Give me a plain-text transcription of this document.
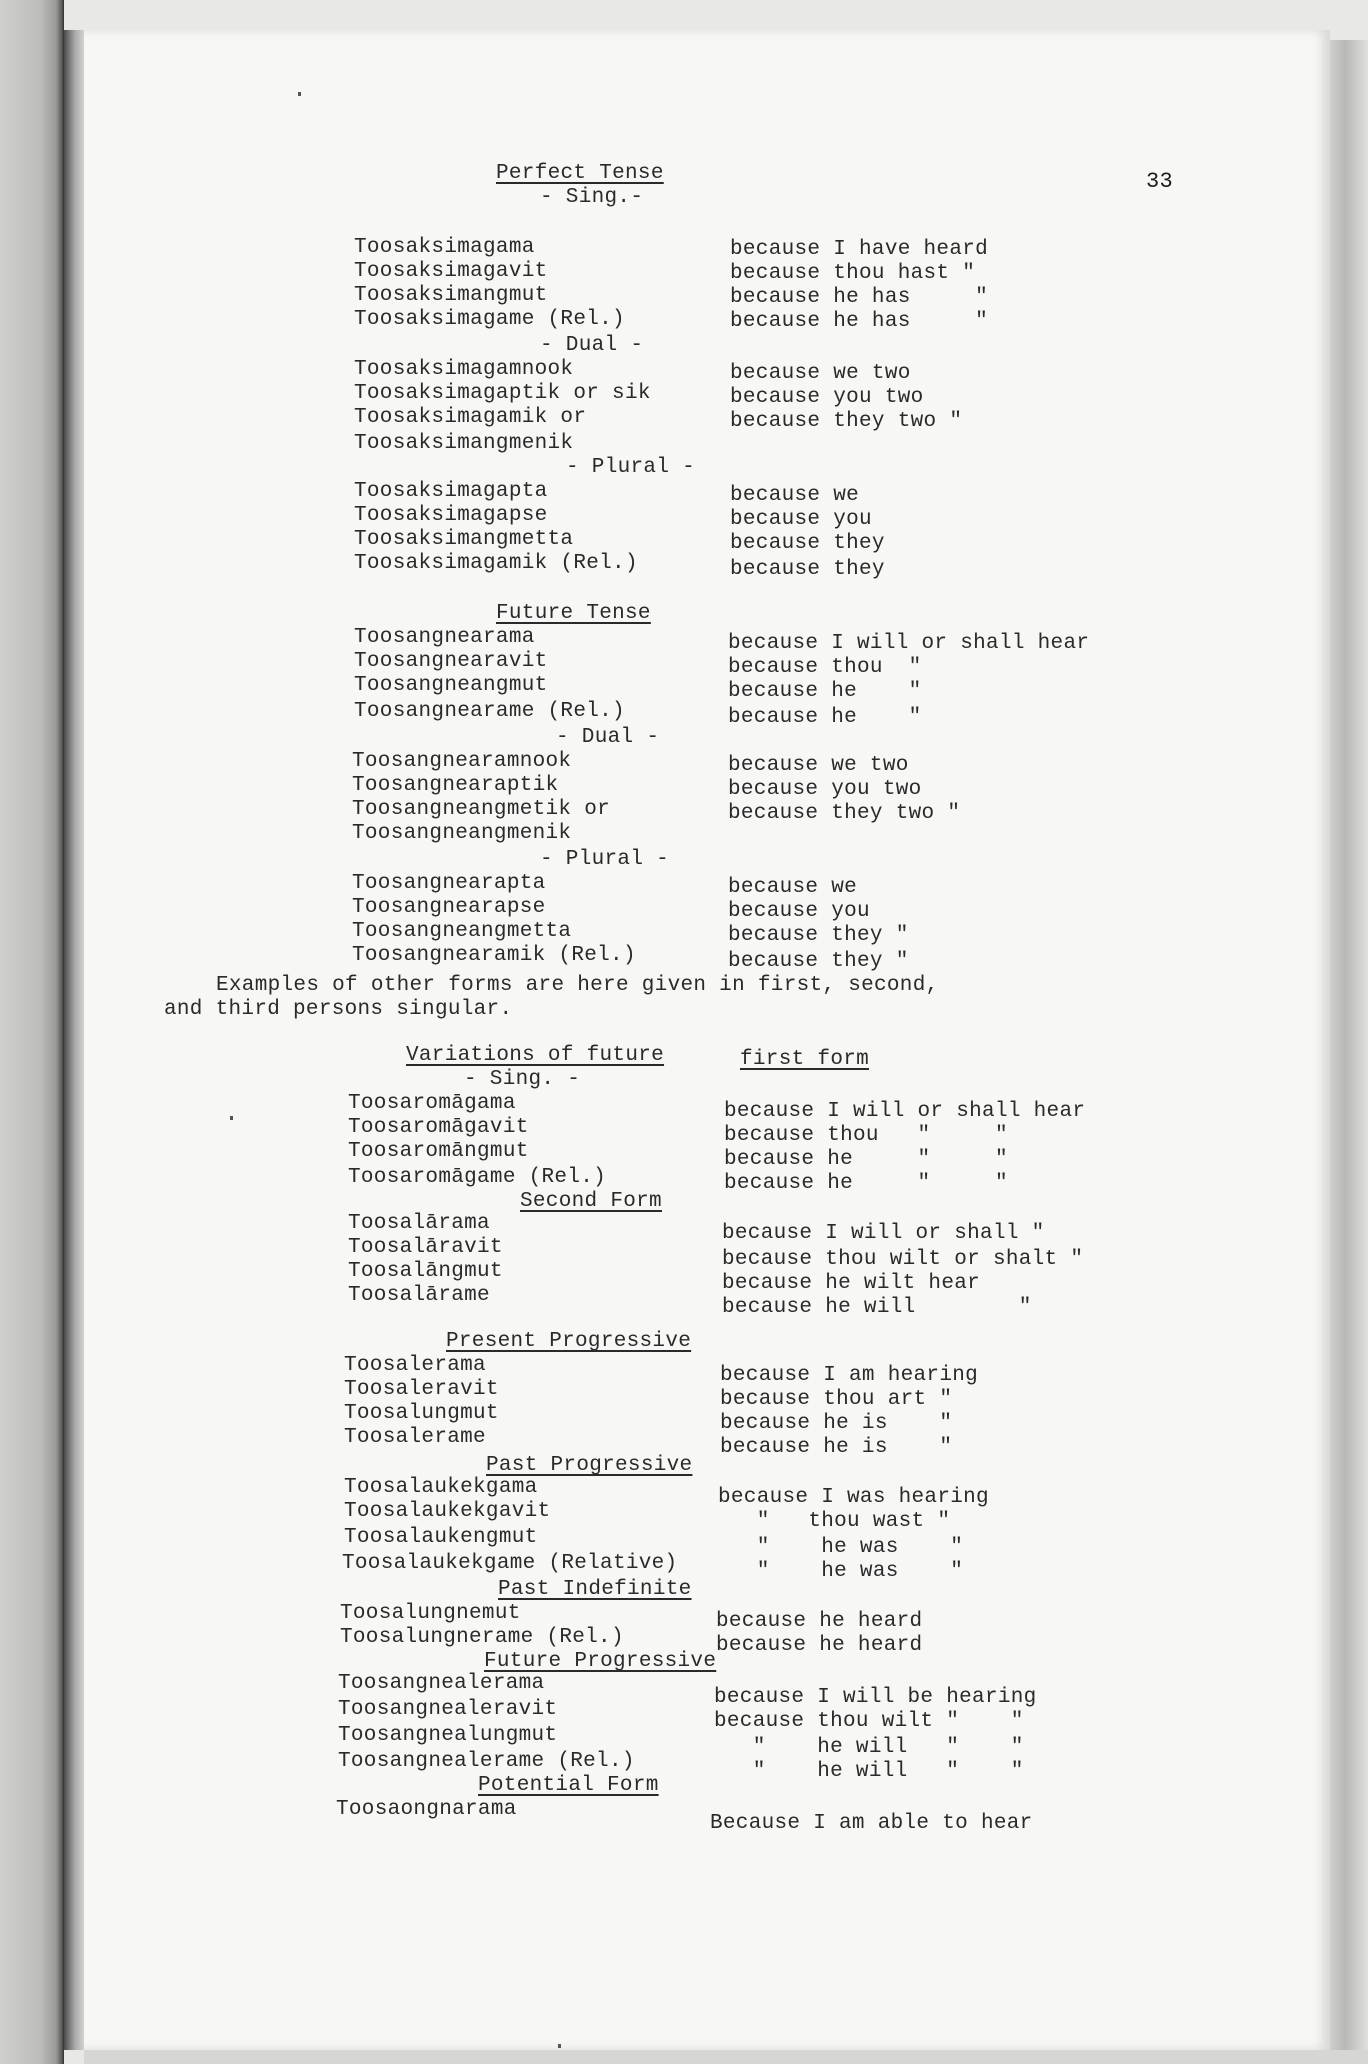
33
Perfect Tense
- Sing.-
Toosaksimagama
Toosaksimagavit
Toosaksimangmut
Toosaksimagame (Rel.)
- Dual -
Toosaksimagamnook
Toosaksimagaptik or sik
Toosaksimagamik or
Toosaksimangmenik
- Plural -
Toosaksimagapta
Toosaksimagapse
Toosaksimangmetta
Toosaksimagamik (Rel.)
because I have heard
because thou hast "
because he has     "
because he has     "
because we two
because you two
because they two "
because we
because you
because they
because they
Future Tense
Toosangnearama
Toosangnearavit
Toosangneangmut
Toosangnearame (Rel.)
- Dual -
Toosangnearamnook
Toosangnearaptik
Toosangneangmetik or
Toosangneangmenik
- Plural -
Toosangnearapta
Toosangnearapse
Toosangneangmetta
Toosangnearamik (Rel.)
because I will or shall hear
because thou  "
because he    "
because he    "
because we two
because you two
because they two "
because we
because you
because they "
because they "
Examples of other forms are here given in first, second,
and third persons singular.
Variations of future	first form
- Sing. -
Toosaromāgama
Toosaromāgavit
Toosaromāngmut
Toosaromāgame (Rel.)
because I will or shall hear
because thou   "     "
because he     "     "
because he     "     "
Second Form
Toosalārama
Toosalāravit
Toosalāngmut
Toosalārame
because I will or shall "
because thou wilt or shalt "
because he wilt hear
because he will        "
Present Progressive
Toosalerama
Toosaleravit
Toosalungmut
Toosalerame
because I am hearing
because thou art "
because he is    "
because he is    "
Past Progressive
Toosalaukekgama
Toosalaukekgavit
Toosalaukengmut
Toosalaukekgame (Relative)
because I was hearing
"   thou wast "
"    he was    "
"    he was    "
Past Indefinite
Toosalungnemut
Toosalungnerame (Rel.)
because he heard
because he heard
Future Progressive
Toosangnealerama
Toosangnealeravit
Toosangnealungmut
Toosangnealerame (Rel.)
because I will be hearing
because thou wilt "    "
"    he will   "    "
"    he will   "    "
Potential Form
Toosaongnarama
Because I am able to hear
